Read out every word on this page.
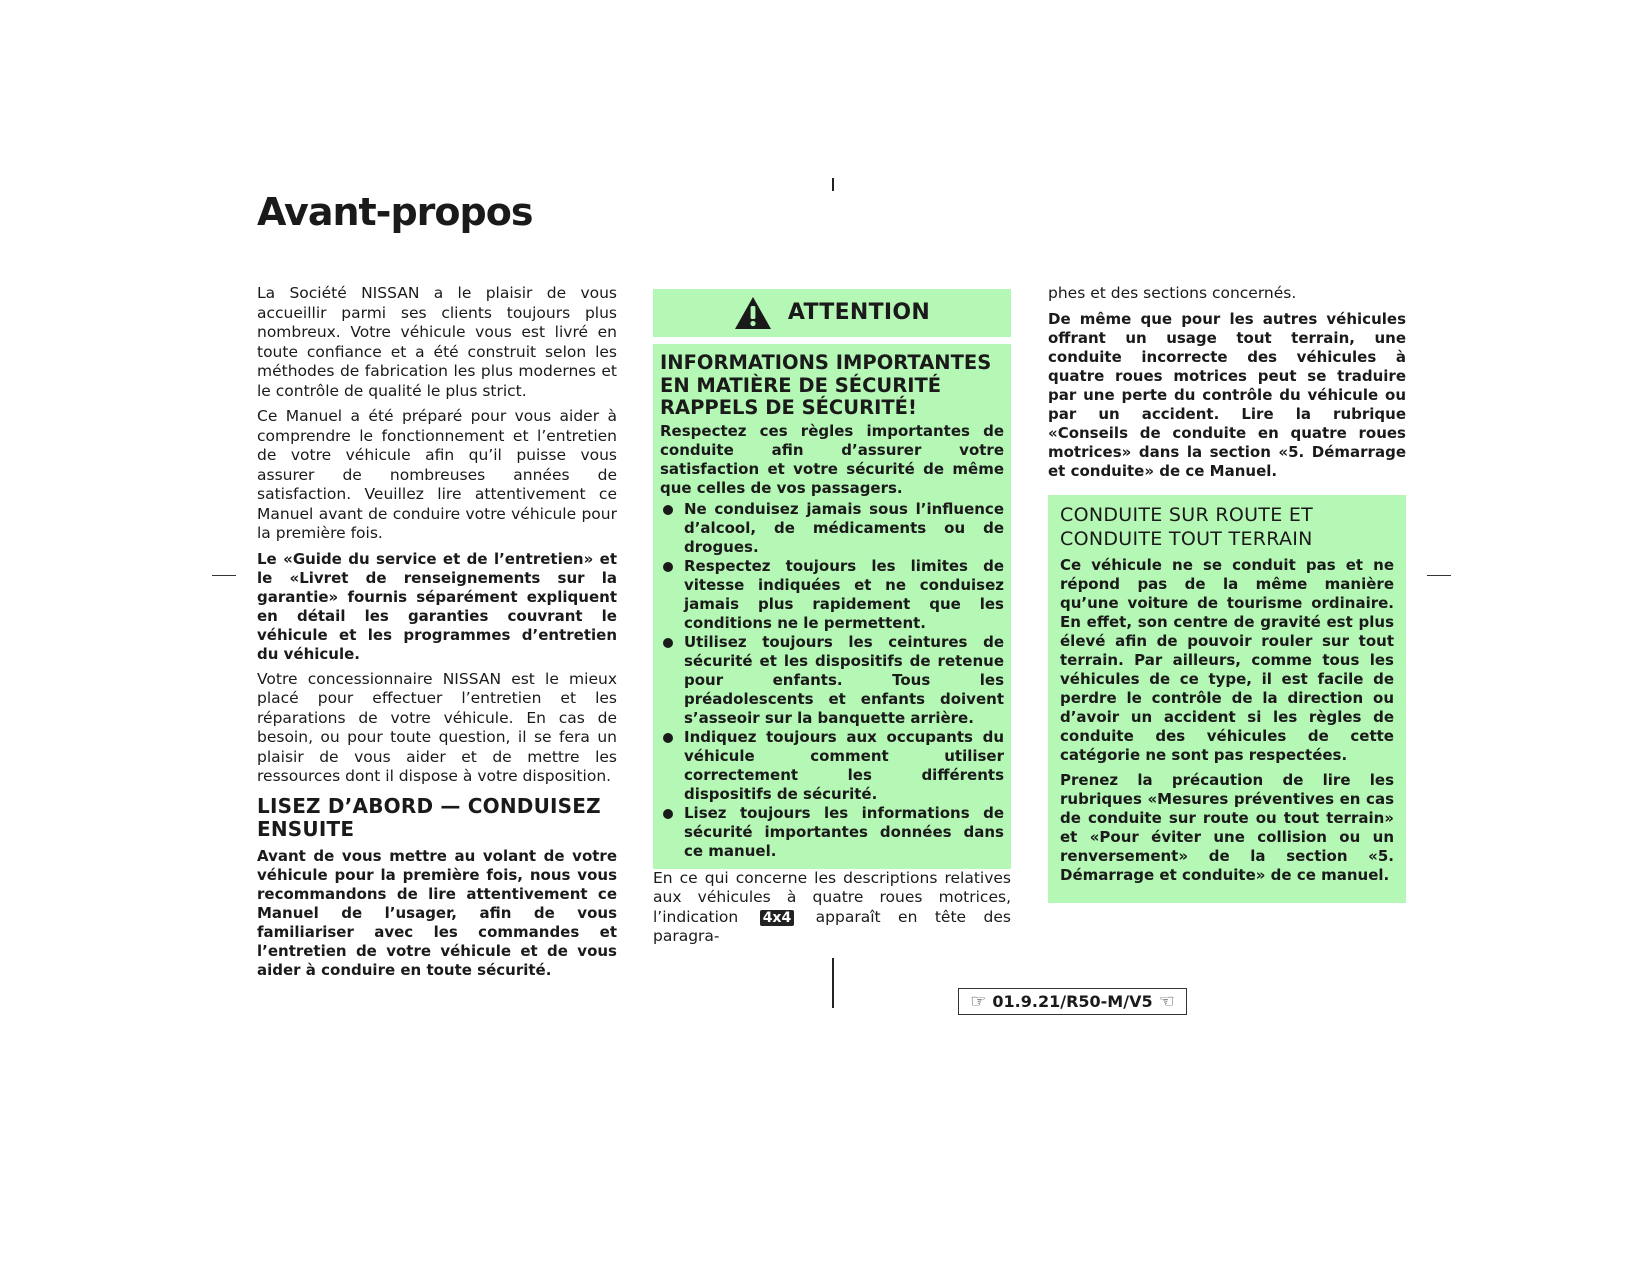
Avant-propos

La Société NISSAN a le plaisir de vous accueillir parmi ses clients toujours plus nombreux. Votre véhicule vous est livré en toute confiance et a été construit selon les méthodes de fabrication les plus modernes et le contrôle de qualité le plus strict.

Ce Manuel a été préparé pour vous aider à comprendre le fonctionnement et l’entretien de votre véhicule afin qu’il puisse vous assurer de nombreuses années de satisfaction. Veuillez lire attentivement ce Manuel avant de conduire votre véhicule pour la première fois.

Le «Guide du service et de l’entretien» et le «Livret de renseignements sur la garantie» fournis séparément expliquent en détail les garanties couvrant le véhicule et les programmes d’entretien du véhicule.

Votre concessionnaire NISSAN est le mieux placé pour effectuer l’entretien et les réparations de votre véhicule. En cas de besoin, ou pour toute question, il se fera un plaisir de vous aider et de mettre les ressources dont il dispose à votre disposition.

LISEZ D’ABORD — CONDUISEZ ENSUITE

Avant de vous mettre au volant de votre véhicule pour la première fois, nous vous recommandons de lire attentivement ce Manuel de l’usager, afin de vous familiariser avec les commandes et l’entretien de votre véhicule et de vous aider à conduire en toute sécurité.

ATTENTION
INFORMATIONS IMPORTANTES
EN MATIÈRE DE SÉCURITÉ
RAPPELS DE SÉCURITÉ!

Respectez ces règles importantes de conduite afin d’assurer votre satisfaction et votre sécurité de même que celles de vos passagers.

Ne conduisez jamais sous l’influence d’alcool, de médicaments ou de drogues.
Respectez toujours les limites de vitesse indiquées et ne conduisez jamais plus rapidement que les conditions ne le permettent.
Utilisez toujours les ceintures de sécurité et les dispositifs de retenue pour enfants. Tous les préadolescents et enfants doivent s’asseoir sur la banquette arrière.
Indiquez toujours aux occupants du véhicule comment utiliser correctement les différents dispositifs de sécurité.
Lisez toujours les informations de sécurité importantes données dans ce manuel.

En ce qui concerne les descriptions relatives aux véhicules à quatre roues motrices, l’indication 4x4 apparaît en tête des paragra-

phes et des sections concernés.

De même que pour les autres véhicules offrant un usage tout terrain, une conduite incorrecte des véhicules à quatre roues motrices peut se traduire par une perte du contrôle du véhicule ou par un accident. Lire la rubrique «Conseils de conduite en quatre roues motrices» dans la section «5. Démarrage et conduite» de ce Manuel.

CONDUITE SUR ROUTE ET
CONDUITE TOUT TERRAIN

Ce véhicule ne se conduit pas et ne répond pas de la même manière qu’une voiture de tourisme ordinaire. En effet, son centre de gravité est plus élevé afin de pouvoir rouler sur tout terrain. Par ailleurs, comme tous les véhicules de ce type, il est facile de perdre le contrôle de la direction ou d’avoir un accident si les règles de conduite des véhicules de cette catégorie ne sont pas respectées.

Prenez la précaution de lire les rubriques «Mesures préventives en cas de conduite sur route ou tout terrain» et «Pour éviter une collision ou un renversement» de la section «5. Démarrage et conduite» de ce manuel.

☞ 01.9.21/R50-M/V5 ☜
